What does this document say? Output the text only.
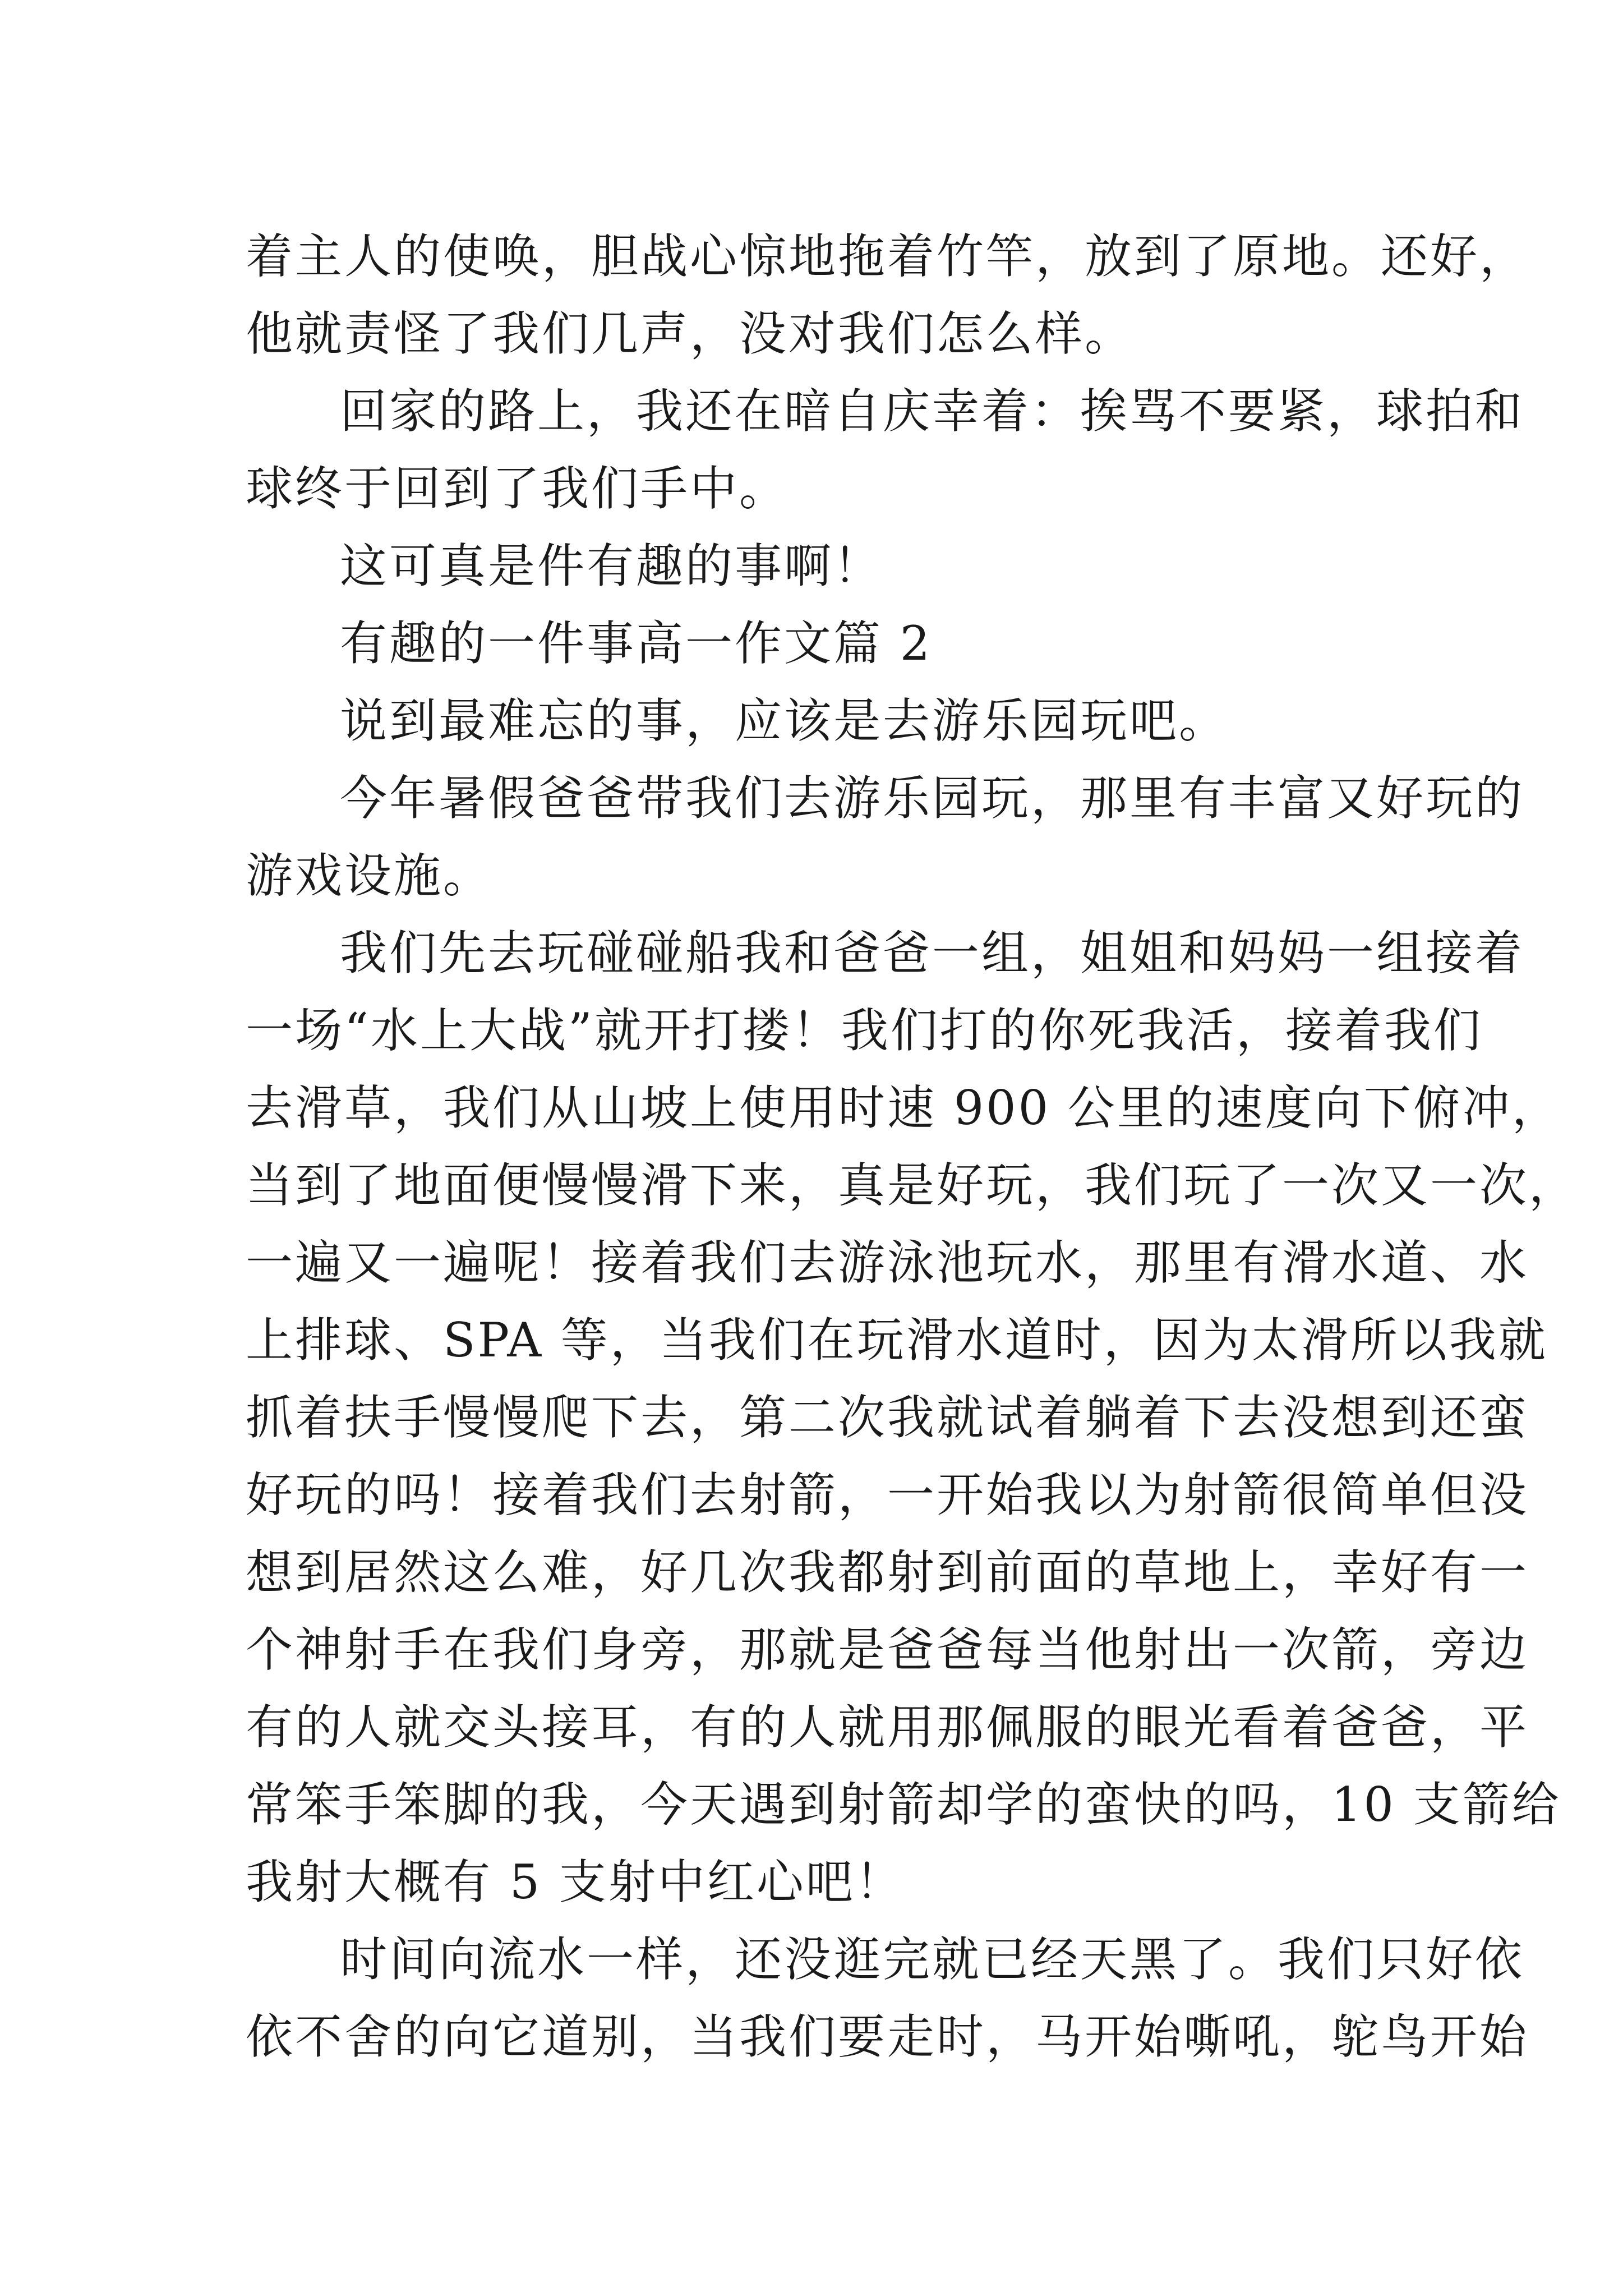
着主人的使唤，胆战心惊地拖着竹竿，放到了原地。还好，
他就责怪了我们几声，没对我们怎么样。
回家的路上，我还在暗自庆幸着：挨骂不要紧，球拍和
球终于回到了我们手中。
这可真是件有趣的事啊！
有趣的一件事高一作文篇 2
说到最难忘的事，应该是去游乐园玩吧。
今年暑假爸爸带我们去游乐园玩，那里有丰富又好玩的
游戏设施。
我们先去玩碰碰船我和爸爸一组，姐姐和妈妈一组接着
一场“水上大战”就开打搂！我们打的你死我活，接着我们
去滑草，我们从山坡上使用时速 900 公里的速度向下俯冲，
当到了地面便慢慢滑下来，真是好玩，我们玩了一次又一次，
一遍又一遍呢！接着我们去游泳池玩水，那里有滑水道、水
上排球、SPA 等，当我们在玩滑水道时，因为太滑所以我就
抓着扶手慢慢爬下去，第二次我就试着躺着下去没想到还蛮
好玩的吗！接着我们去射箭，一开始我以为射箭很简单但没
想到居然这么难，好几次我都射到前面的草地上，幸好有一
个神射手在我们身旁，那就是爸爸每当他射出一次箭，旁边
有的人就交头接耳，有的人就用那佩服的眼光看着爸爸，平
常笨手笨脚的我，今天遇到射箭却学的蛮快的吗，10 支箭给
我射大概有 5 支射中红心吧！
时间向流水一样，还没逛完就已经天黑了。我们只好依
依不舍的向它道别，当我们要走时，马开始嘶吼，鸵鸟开始
